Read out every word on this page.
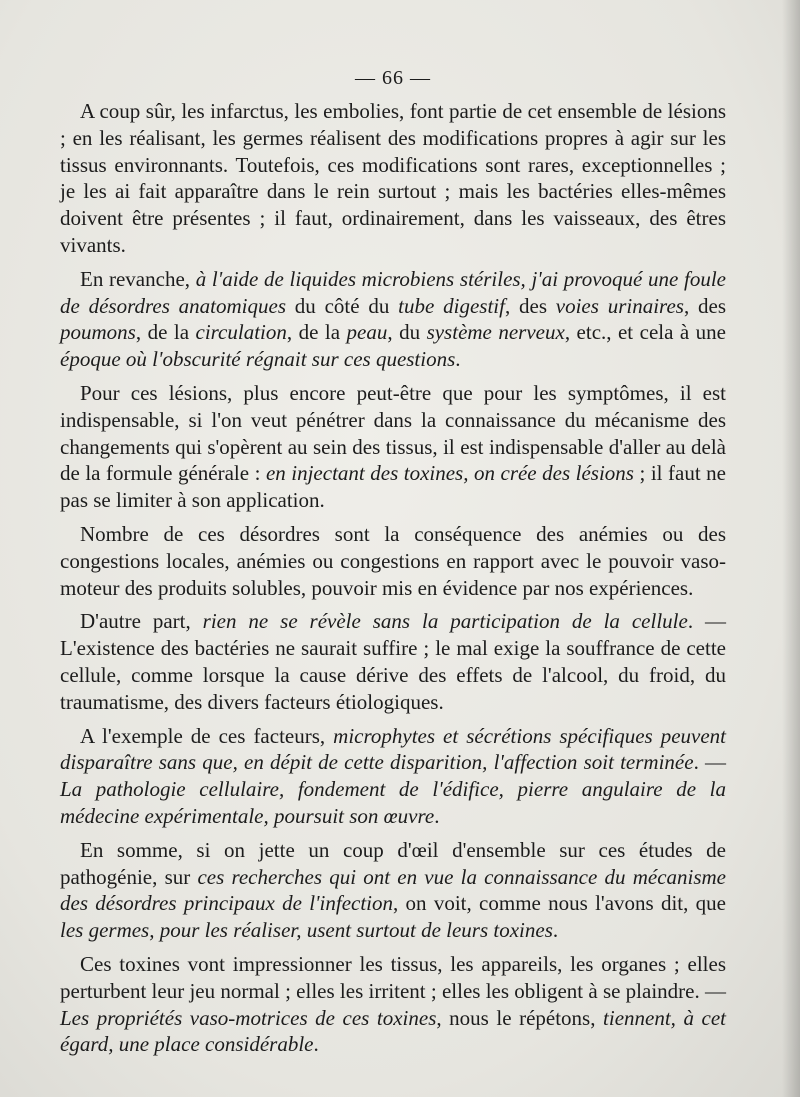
— 66 —

A coup sûr, les infarctus, les embolies, font partie de cet ensemble de lésions ; en les réalisant, les germes réalisent des modifications propres à agir sur les tissus environnants. Toutefois, ces modifications sont rares, exceptionnelles ; je les ai fait apparaître dans le rein surtout ; mais les bactéries elles-mêmes doivent être présentes ; il faut, ordinairement, dans les vaisseaux, des êtres vivants.

En revanche, à l'aide de liquides microbiens stériles, j'ai provoqué une foule de désordres anatomiques du côté du tube digestif, des voies urinaires, des poumons, de la circulation, de la peau, du système nerveux, etc., et cela à une époque où l'obscurité régnait sur ces questions.

Pour ces lésions, plus encore peut-être que pour les symptômes, il est indispensable, si l'on veut pénétrer dans la connaissance du mécanisme des changements qui s'opèrent au sein des tissus, il est indispensable d'aller au delà de la formule générale : en injectant des toxines, on crée des lésions ; il faut ne pas se limiter à son application.

Nombre de ces désordres sont la conséquence des anémies ou des congestions locales, anémies ou congestions en rapport avec le pouvoir vaso-moteur des produits solubles, pouvoir mis en évidence par nos expériences.

D'autre part, rien ne se révèle sans la participation de la cellule. — L'existence des bactéries ne saurait suffire ; le mal exige la souffrance de cette cellule, comme lorsque la cause dérive des effets de l'alcool, du froid, du traumatisme, des divers facteurs étiologiques.

A l'exemple de ces facteurs, microphytes et sécrétions spécifiques peuvent disparaître sans que, en dépit de cette disparition, l'affection soit terminée. — La pathologie cellulaire, fondement de l'édifice, pierre angulaire de la médecine expérimentale, poursuit son œuvre.

En somme, si on jette un coup d'œil d'ensemble sur ces études de pathogénie, sur ces recherches qui ont en vue la connaissance du mécanisme des désordres principaux de l'infection, on voit, comme nous l'avons dit, que les germes, pour les réaliser, usent surtout de leurs toxines.

Ces toxines vont impressionner les tissus, les appareils, les organes ; elles perturbent leur jeu normal ; elles les irritent ; elles les obligent à se plaindre. — Les propriétés vaso-motrices de ces toxines, nous le répétons, tiennent, à cet égard, une place considérable.
